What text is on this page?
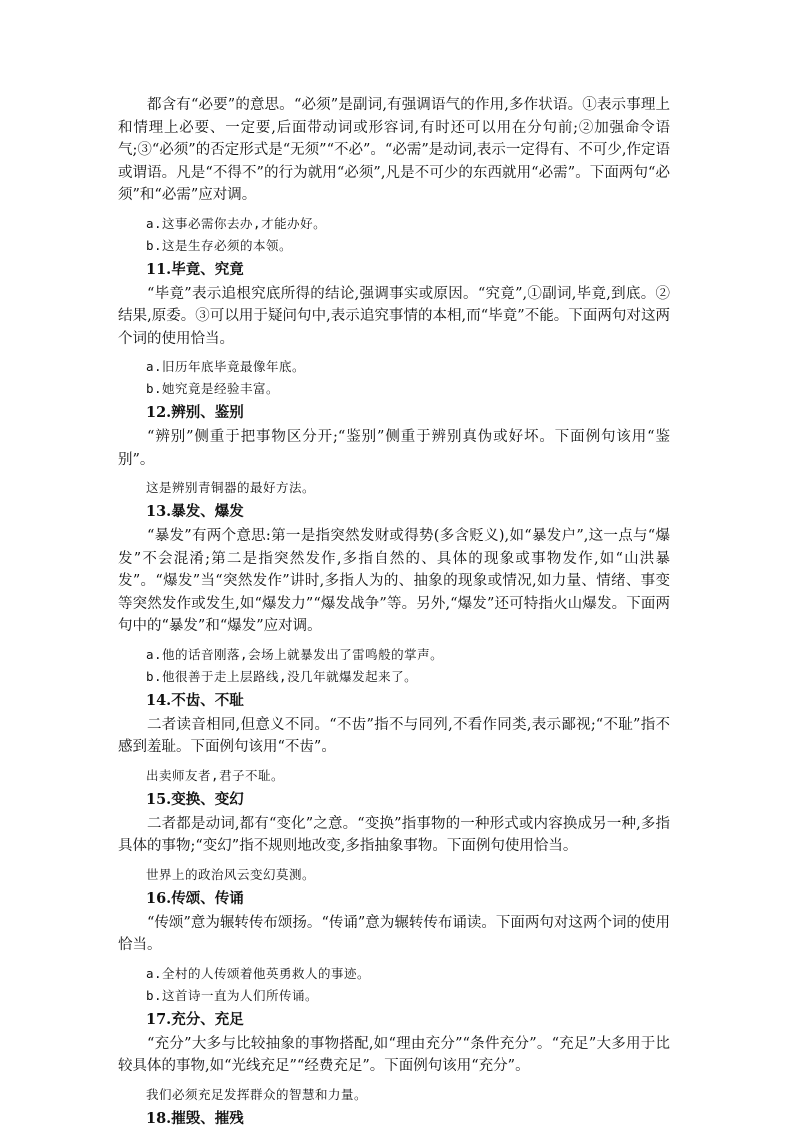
都含有“必要”的意思。“必须”是副词,有强调语气的作用,多作状语。①表示事理上和情理上必要、一定要,后面带动词或形容词,有时还可以用在分句前;②加强命令语气;③“必须”的否定形式是“无须”“不必”。“必需”是动词,表示一定得有、不可少,作定语或谓语。凡是“不得不”的行为就用“必须”,凡是不可少的东西就用“必需”。下面两句“必须”和“必需”应对调。

a.这事必需你去办,才能办好。

b.这是生存必须的本领。

11.毕竟、究竟

“毕竟”表示追根究底所得的结论,强调事实或原因。“究竟”,①副词,毕竟,到底。②结果,原委。③可以用于疑问句中,表示追究事情的本相,而“毕竟”不能。下面两句对这两个词的使用恰当。

a.旧历年底毕竟最像年底。

b.她究竟是经验丰富。

12.辨别、鉴别

“辨别”侧重于把事物区分开;“鉴别”侧重于辨别真伪或好坏。下面例句该用“鉴别”。

这是辨别青铜器的最好方法。

13.暴发、爆发

“暴发”有两个意思:第一是指突然发财或得势(多含贬义),如“暴发户”,这一点与“爆发”不会混淆;第二是指突然发作,多指自然的、具体的现象或事物发作,如“山洪暴发”。“爆发”当“突然发作”讲时,多指人为的、抽象的现象或情况,如力量、情绪、事变等突然发作或发生,如“爆发力”“爆发战争”等。另外,“爆发”还可特指火山爆发。下面两句中的“暴发”和“爆发”应对调。

a.他的话音刚落,会场上就暴发出了雷鸣般的掌声。

b.他很善于走上层路线,没几年就爆发起来了。

14.不齿、不耻

二者读音相同,但意义不同。“不齿”指不与同列,不看作同类,表示鄙视;“不耻”指不感到羞耻。下面例句该用“不齿”。

出卖师友者,君子不耻。

15.变换、变幻

二者都是动词,都有“变化”之意。“变换”指事物的一种形式或内容换成另一种,多指具体的事物;“变幻”指不规则地改变,多指抽象事物。下面例句使用恰当。

世界上的政治风云变幻莫测。

16.传颂、传诵

“传颂”意为辗转传布颂扬。“传诵”意为辗转传布诵读。下面两句对这两个词的使用恰当。

a.全村的人传颂着他英勇救人的事迹。

b.这首诗一直为人们所传诵。

17.充分、充足

“充分”大多与比较抽象的事物搭配,如“理由充分”“条件充分”。“充足”大多用于比较具体的事物,如“光线充足”“经费充足”。下面例句该用“充分”。

我们必须充足发挥群众的智慧和力量。

18.摧毁、摧残
